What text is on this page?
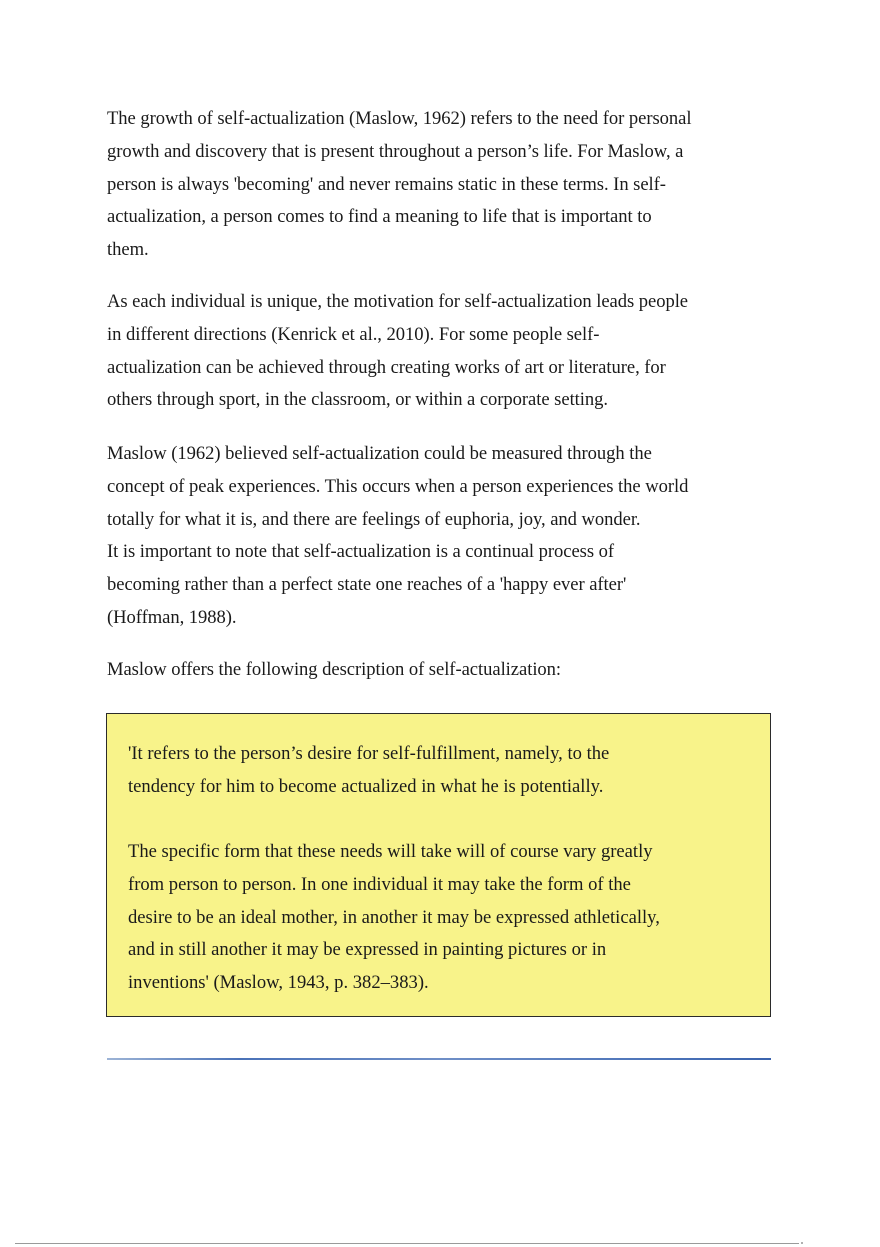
The growth of self-actualization (Maslow, 1962) refers to the need for personal
growth and discovery that is present throughout a person’s life. For Maslow, a
person is always 'becoming' and never remains static in these terms. In self-
actualization, a person comes to find a meaning to life that is important to
them.

As each individual is unique, the motivation for self-actualization leads people
in different directions (Kenrick et al., 2010). For some people self-
actualization can be achieved through creating works of art or literature, for
others through sport, in the classroom, or within a corporate setting.

Maslow (1962) believed self-actualization could be measured through the
concept of peak experiences. This occurs when a person experiences the world
totally for what it is, and there are feelings of euphoria, joy, and wonder.
It is important to note that self-actualization is a continual process of
becoming rather than a perfect state one reaches of a 'happy ever after'
(Hoffman, 1988).

Maslow offers the following description of self-actualization:

'It refers to the person’s desire for self-fulfillment, namely, to the
tendency for him to become actualized in what he is potentially.

The specific form that these needs will take will of course vary greatly
from person to person. In one individual it may take the form of the
desire to be an ideal mother, in another it may be expressed athletically,
and in still another it may be expressed in painting pictures or in
inventions' (Maslow, 1943, p. 382–383).
